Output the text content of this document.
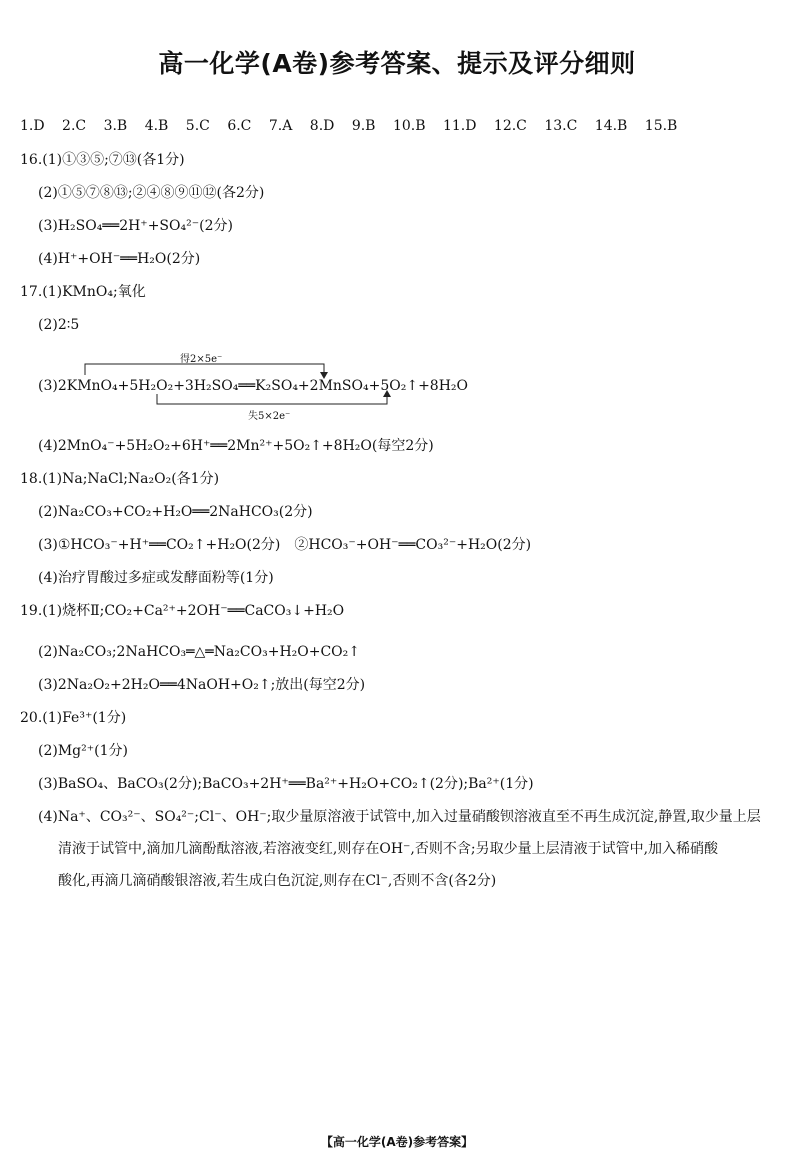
高一化学(A卷)参考答案、提示及评分细则
1.D 2.C 3.B 4.B 5.C 6.C 7.A 8.D 9.B 10.B 11.D 12.C 13.C 14.B 15.B
16.(1)①③⑤;⑦⑬(各1分)
(2)①⑤⑦⑧⑬;②④⑧⑨⑪⑫(各2分)
(3)H₂SO₄══2H⁺+SO₄²⁻(2分)
(4)H⁺+OH⁻══H₂O(2分)
17.(1)KMnO₄;氧化
(2)2∶5
得2×5e⁻
(3)2KMnO₄+5H₂O₂+3H₂SO₄══K₂SO₄+2MnSO₄+5O₂↑+8H₂O
失5×2e⁻
(4)2MnO₄⁻+5H₂O₂+6H⁺══2Mn²⁺+5O₂↑+8H₂O(每空2分)
18.(1)Na;NaCl;Na₂O₂(各1分)
(2)Na₂CO₃+CO₂+H₂O══2NaHCO₃(2分)
(3)①HCO₃⁻+H⁺══CO₂↑+H₂O(2分)　②HCO₃⁻+OH⁻══CO₃²⁻+H₂O(2分)
(4)治疗胃酸过多症或发酵面粉等(1分)
19.(1)烧杯Ⅱ;CO₂+Ca²⁺+2OH⁻══CaCO₃↓+H₂O
(2)Na₂CO₃;2NaHCO₃═△═Na₂CO₃+H₂O+CO₂↑
(3)2Na₂O₂+2H₂O══4NaOH+O₂↑;放出(每空2分)
20.(1)Fe³⁺(1分)
(2)Mg²⁺(1分)
(3)BaSO₄、BaCO₃(2分);BaCO₃+2H⁺══Ba²⁺+H₂O+CO₂↑(2分);Ba²⁺(1分)

(4)Na⁺、CO₃²⁻、SO₄²⁻;Cl⁻、OH⁻;取少量原溶液于试管中,加入过量硝酸钡溶液直至不再生成沉淀,静置,取少量上层

清液于试管中,滴加几滴酚酞溶液,若溶液变红,则存在OH⁻,否则不含;另取少量上层清液于试管中,加入稀硝酸

酸化,再滴几滴硝酸银溶液,若生成白色沉淀,则存在Cl⁻,否则不含(各2分)

【高一化学(A卷)参考答案】
